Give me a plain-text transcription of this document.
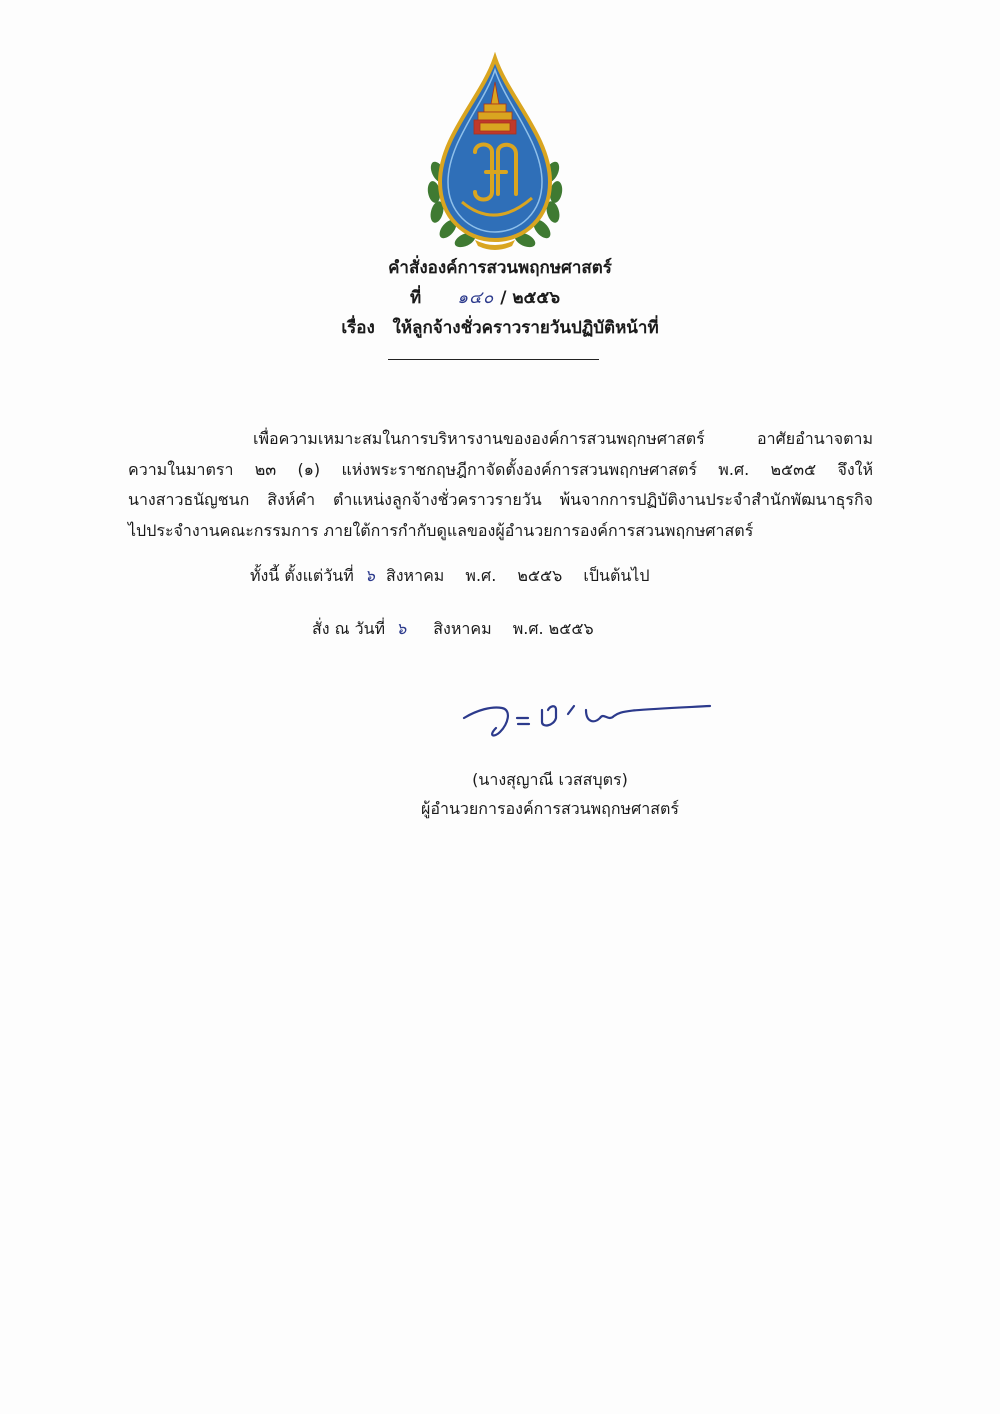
คำสั่งองค์การสวนพฤกษศาสตร์
ที่ ๑๔๐ / ๒๕๕๖
เรื่อง ให้ลูกจ้างชั่วคราวรายวันปฏิบัติหน้าที่
เพื่อความเหมาะสมในการบริหารงานขององค์การสวนพฤกษศาสตร์ อาศัยอำนาจตาม
ความในมาตรา ๒๓ (๑) แห่งพระราชกฤษฎีกาจัดตั้งองค์การสวนพฤกษศาสตร์ พ.ศ. ๒๕๓๕ จึงให้
นางสาวธนัญชนก สิงห์คำ ตำแหน่งลูกจ้างชั่วคราวรายวัน พ้นจากการปฏิบัติงานประจำสำนักพัฒนาธุรกิจ
ไปประจำงานคณะกรรมการ ภายใต้การกำกับดูแลของผู้อำนวยการองค์การสวนพฤกษศาสตร์
ทั้งนี้ ตั้งแต่วันที่ ๖ สิงหาคม พ.ศ. ๒๕๕๖ เป็นต้นไป
สั่ง ณ วันที่ ๖ สิงหาคม พ.ศ. ๒๕๕๖
(นางสุญาณี เวสสบุตร)
ผู้อำนวยการองค์การสวนพฤกษศาสตร์
